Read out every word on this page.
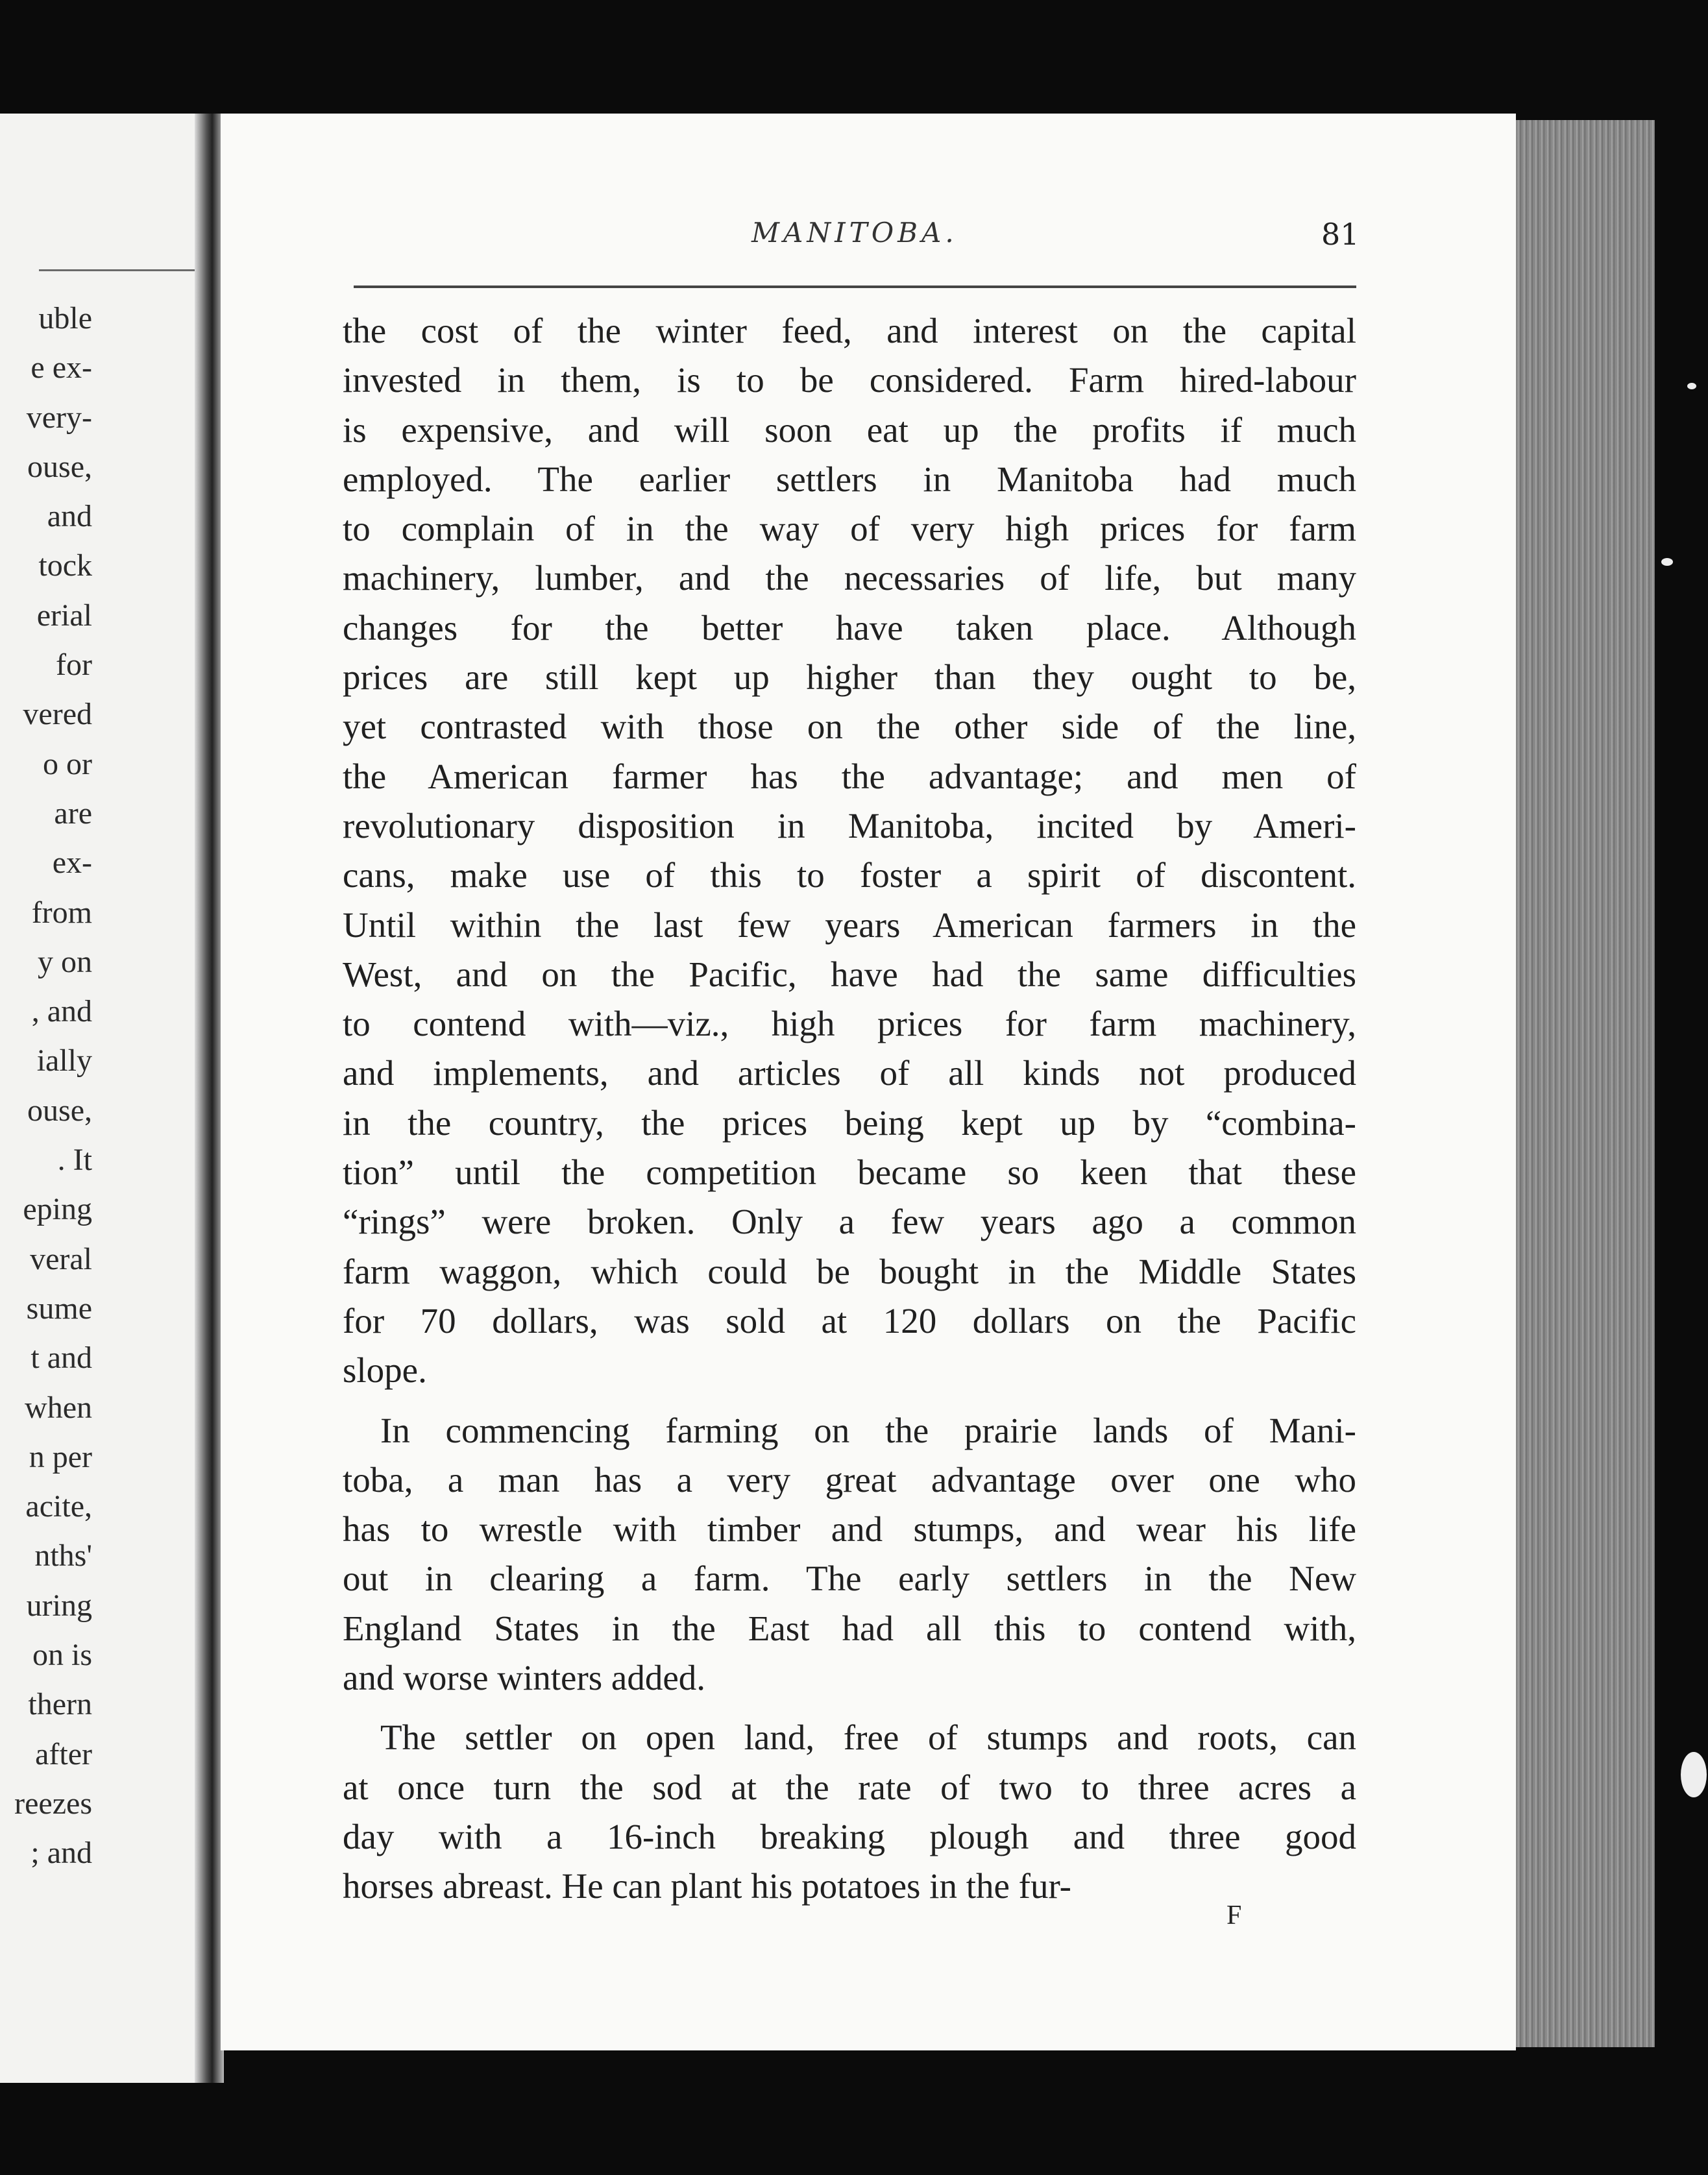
uble
e ex-
very-
ouse,
and
tock
erial
for
vered
o or
are
ex-
from
y on
, and
ially
ouse,
. It
eping
veral
sume
t and
when
n per
acite,
nths'
uring
on is
thern
after
reezes
; and
MANITOBA.	81
the cost of the winter feed, and interest on the capital
invested in them, is to be considered. Farm hired-labour
is expensive, and will soon eat up the profits if much
employed. The earlier settlers in Manitoba had much
to complain of in the way of very high prices for farm
machinery, lumber, and the necessaries of life, but many
changes for the better have taken place. Although
prices are still kept up higher than they ought to be,
yet contrasted with those on the other side of the line,
the American farmer has the advantage; and men of
revolutionary disposition in Manitoba, incited by Ameri-
cans, make use of this to foster a spirit of discontent.
Until within the last few years American farmers in the
West, and on the Pacific, have had the same difficulties
to contend with—viz., high prices for farm machinery,
and implements, and articles of all kinds not produced
in the country, the prices being kept up by “combina-
tion” until the competition became so keen that these
“rings” were broken. Only a few years ago a common
farm waggon, which could be bought in the Middle States
for 70 dollars, was sold at 120 dollars on the Pacific
slope.
In commencing farming on the prairie lands of Mani-
toba, a man has a very great advantage over one who
has to wrestle with timber and stumps, and wear his life
out in clearing a farm. The early settlers in the New
England States in the East had all this to contend with,
and worse winters added.
The settler on open land, free of stumps and roots, can
at once turn the sod at the rate of two to three acres a
day with a 16-inch breaking plough and three good
horses abreast. He can plant his potatoes in the fur-
F
